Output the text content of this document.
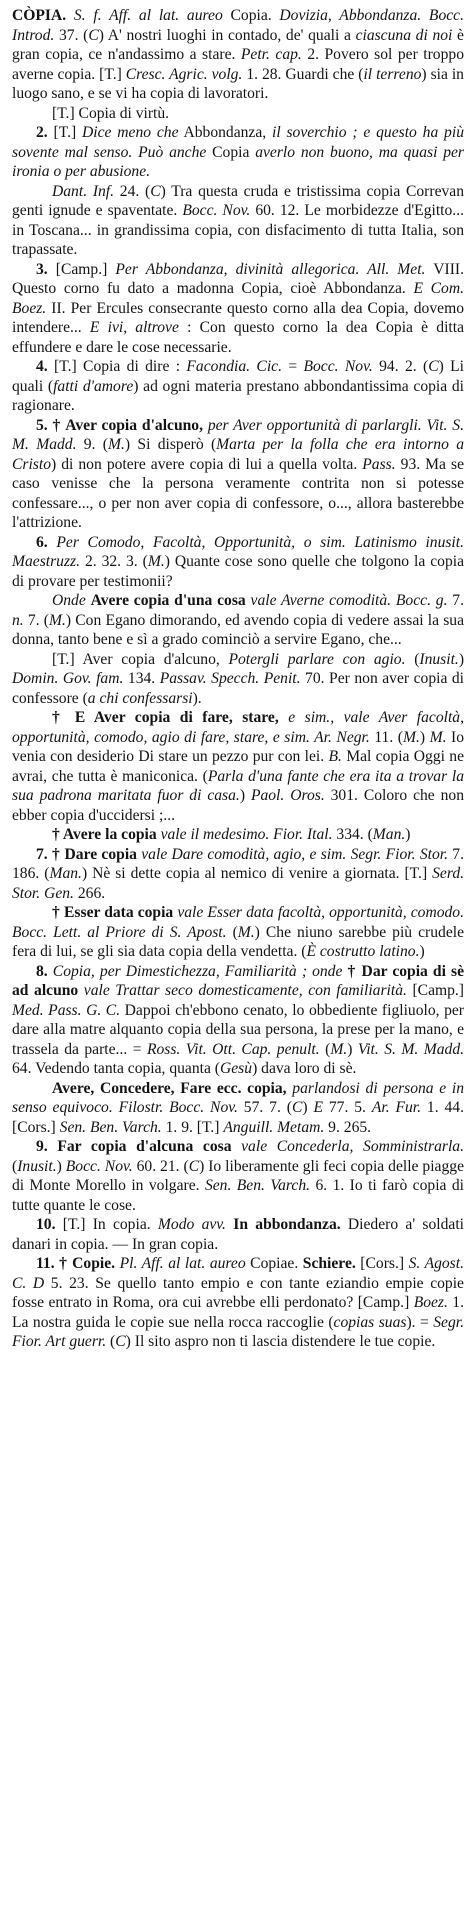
CÒPIA. S. f. Aff. al lat. aureo Copia. Dovizia, Abbondanza. Bocc. Introd. 37. (C) A' nostri luoghi in contado, de' quali a ciascuna di noi è gran copia, ce n'andassimo a stare. Petr. cap. 2. Povero sol per troppo averne copia. [T.] Cresc. Agric. volg. 1. 28. Guardi che (il terreno) sia in luogo sano, e se vi ha copia di lavoratori.

[T.] Copia di virtù.

2. [T.] Dice meno che Abbondanza, il soverchio ; e questo ha più sovente mal senso. Può anche Copia averlo non buono, ma quasi per ironia o per abusione.

Dant. Inf. 24. (C) Tra questa cruda e tristissima copia Correvan genti ignude e spaventate. Bocc. Nov. 60. 12. Le morbidezze d'Egitto... in Toscana... in grandissima copia, con disfacimento di tutta Italia, son trapassate.

3. [Camp.] Per Abbondanza, divinità allegorica. All. Met. VIII. Questo corno fu dato a madonna Copia, cioè Abbondanza. E Com. Boez. II. Per Ercules consecrante questo corno alla dea Copia, dovemo intendere... E ivi, altrove : Con questo corno la dea Copia è ditta effundere e dare le cose necessarie.

4. [T.] Copia di dire : Facondia. Cic. = Bocc. Nov. 94. 2. (C) Li quali (fatti d'amore) ad ogni materia prestano abbondantissima copia di ragionare.

5. † Aver copia d'alcuno, per Aver opportunità di parlargli. Vit. S. M. Madd. 9. (M.) Si disperò (Marta per la folla che era intorno a Cristo) di non potere avere copia di lui a quella volta. Pass. 93. Ma se caso venisse che la persona veramente contrita non si potesse confessare..., o per non aver copia di confessore, o..., allora basterebbe l'attrizione.

6. Per Comodo, Facoltà, Opportunità, o sim. Latinismo inusit. Maestruzz. 2. 32. 3. (M.) Quante cose sono quelle che tolgono la copia di provare per testimonii?

Onde Avere copia d'una cosa vale Averne comodità. Bocc. g. 7. n. 7. (M.) Con Egano dimorando, ed avendo copia di vedere assai la sua donna, tanto bene e sì a grado cominciò a servire Egano, che...

[T.] Aver copia d'alcuno, Potergli parlare con agio. (Inusit.) Domin. Gov. fam. 134. Passav. Specch. Penit. 70. Per non aver copia di confessore (a chi confessarsi).

† E Aver copia di fare, stare, e sim., vale Aver facoltà, opportunità, comodo, agio di fare, stare, e sim. Ar. Negr. 11. (M.) M. Io venia con desiderio Di stare un pezzo pur con lei. B. Mal copia Oggi ne avrai, che tutta è maniconica. (Parla d'una fante che era ita a trovar la sua padrona maritata fuor di casa.) Paol. Oros. 301. Coloro che non ebber copia d'uccidersi ;...

† Avere la copia vale il medesimo. Fior. Ital. 334. (Man.)

7. † Dare copia vale Dare comodità, agio, e sim. Segr. Fior. Stor. 7. 186. (Man.) Nè si dette copia al nemico di venire a giornata. [T.] Serd. Stor. Gen. 266.

† Esser data copia vale Esser data facoltà, opportunità, comodo. Bocc. Lett. al Priore di S. Apost. (M.) Che niuno sarebbe più crudele fera di lui, se gli sia data copia della vendetta. (È costrutto latino.)

8. Copia, per Dimestichezza, Familiarità ; onde † Dar copia di sè ad alcuno vale Trattar seco domesticamente, con familiarità. [Camp.] Med. Pass. G. C. Dappoi ch'ebbono cenato, lo obbediente figliuolo, per dare alla matre alquanto copia della sua persona, la prese per la mano, e trassela da parte... = Ross. Vit. Ott. Cap. penult. (M.) Vit. S. M. Madd. 64. Vedendo tanta copia, quanta (Gesù) dava loro di sè.

Avere, Concedere, Fare ecc. copia, parlandosi di persona e in senso equivoco. Filostr. Bocc. Nov. 57. 7. (C) E 77. 5. Ar. Fur. 1. 44. [Cors.] Sen. Ben. Varch. 1. 9. [T.] Anguill. Metam. 9. 265.

9. Far copia d'alcuna cosa vale Concederla, Somministrarla. (Inusit.) Bocc. Nov. 60. 21. (C) Io liberamente gli feci copia delle piagge di Monte Morello in volgare. Sen. Ben. Varch. 6. 1. Io ti farò copia di tutte quante le cose.

10. [T.] In copia. Modo avv. In abbondanza. Diedero a' soldati danari in copia. — In gran copia.

11. † Copie. Pl. Aff. al lat. aureo Copiae. Schiere. [Cors.] S. Agost. C. D 5. 23. Se quello tanto empio e con tante eziandio empie copie fosse entrato in Roma, ora cui avrebbe elli perdonato? [Camp.] Boez. 1. La nostra guida le copie sue nella rocca raccoglie (copias suas). = Segr. Fior. Art guerr. (C) Il sito aspro non ti lascia distendere le tue copie.
